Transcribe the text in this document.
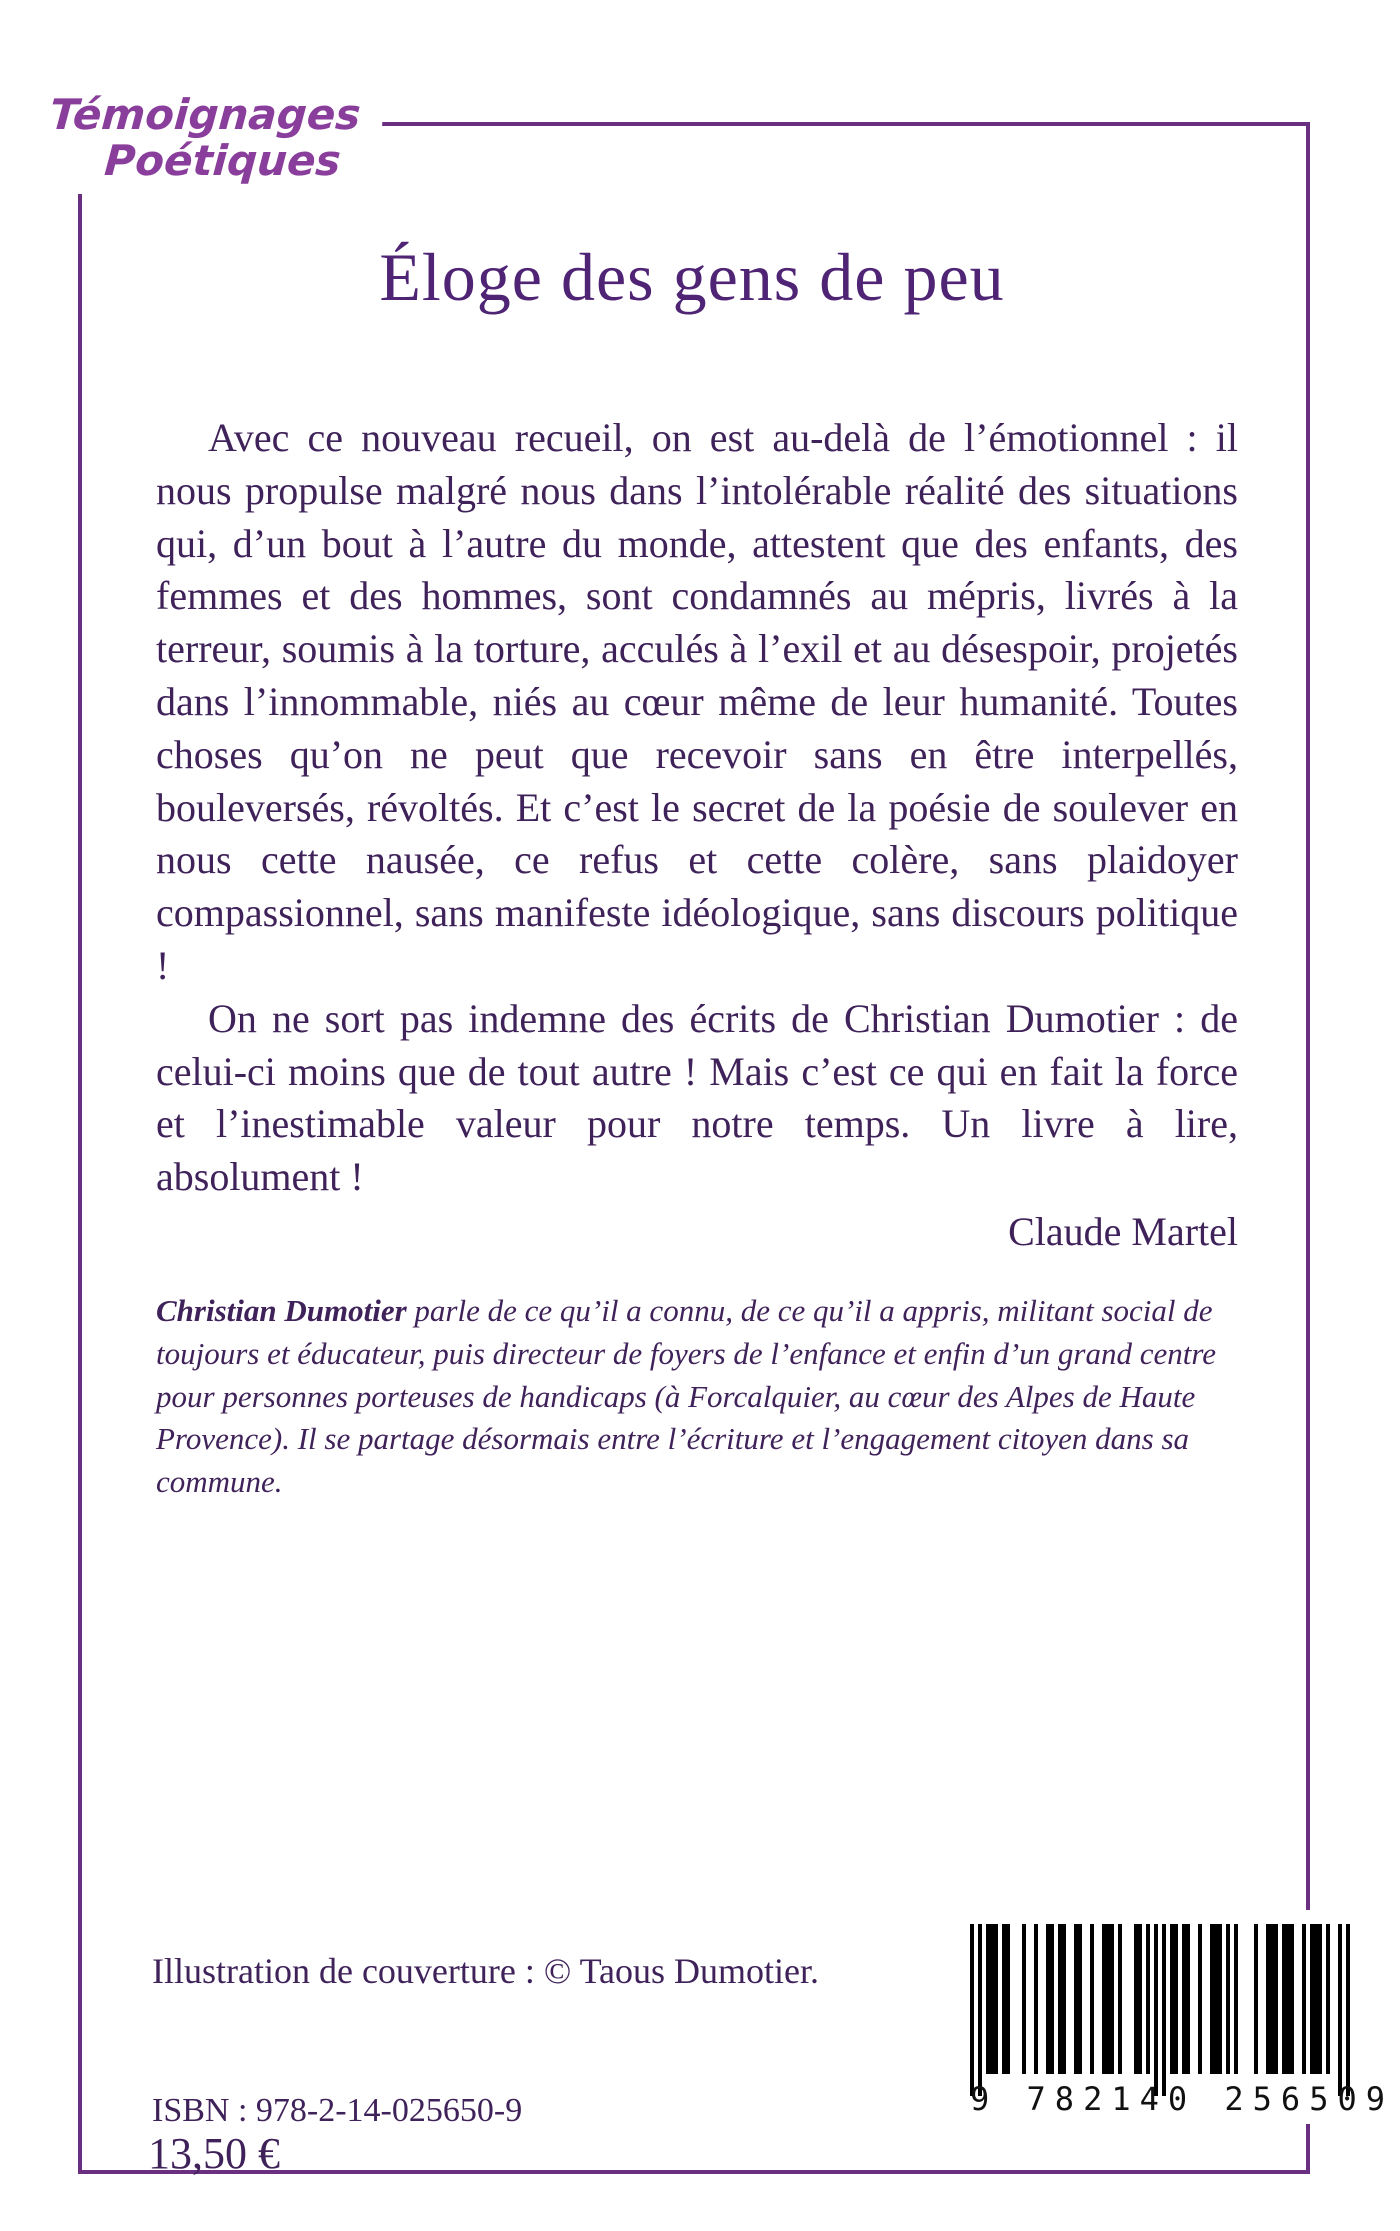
Témoignages
Poétiques
Éloge des gens de peu

Avec ce nouveau recueil, on est au-delà de l’émotionnel : il nous propulse malgré nous dans l’intolérable réalité des situations qui, d’un bout à l’autre du monde, attestent que des enfants, des femmes et des hommes, sont condamnés au mépris, livrés à la terreur, soumis à la torture, acculés à l’exil et au désespoir, projetés dans l’innommable, niés au cœur même de leur humanité. Toutes choses qu’on ne peut que recevoir sans en être interpellés, bouleversés, révoltés. Et c’est le secret de la poésie de soulever en nous cette nausée, ce refus et cette colère, sans plaidoyer compassionnel, sans manifeste idéologique, sans discours politique !

On ne sort pas indemne des écrits de Christian Dumotier : de celui-ci moins que de tout autre ! Mais c’est ce qui en fait la force et l’inestimable valeur pour notre temps. Un livre à lire, absolument !

Claude Martel

Christian Dumotier parle de ce qu’il a connu, de ce qu’il a appris, militant social de toujours et éducateur, puis directeur de foyers de l’enfance et enfin d’un grand centre pour personnes porteuses de handicaps (à Forcalquier, au cœur des Alpes de Haute Provence). Il se partage désormais entre l’écriture et l’engagement citoyen dans sa commune.

Illustration de couverture : © Taous Dumotier.
ISBN : 978-2-14-025650-9
13,50 €
9 782140 256509
